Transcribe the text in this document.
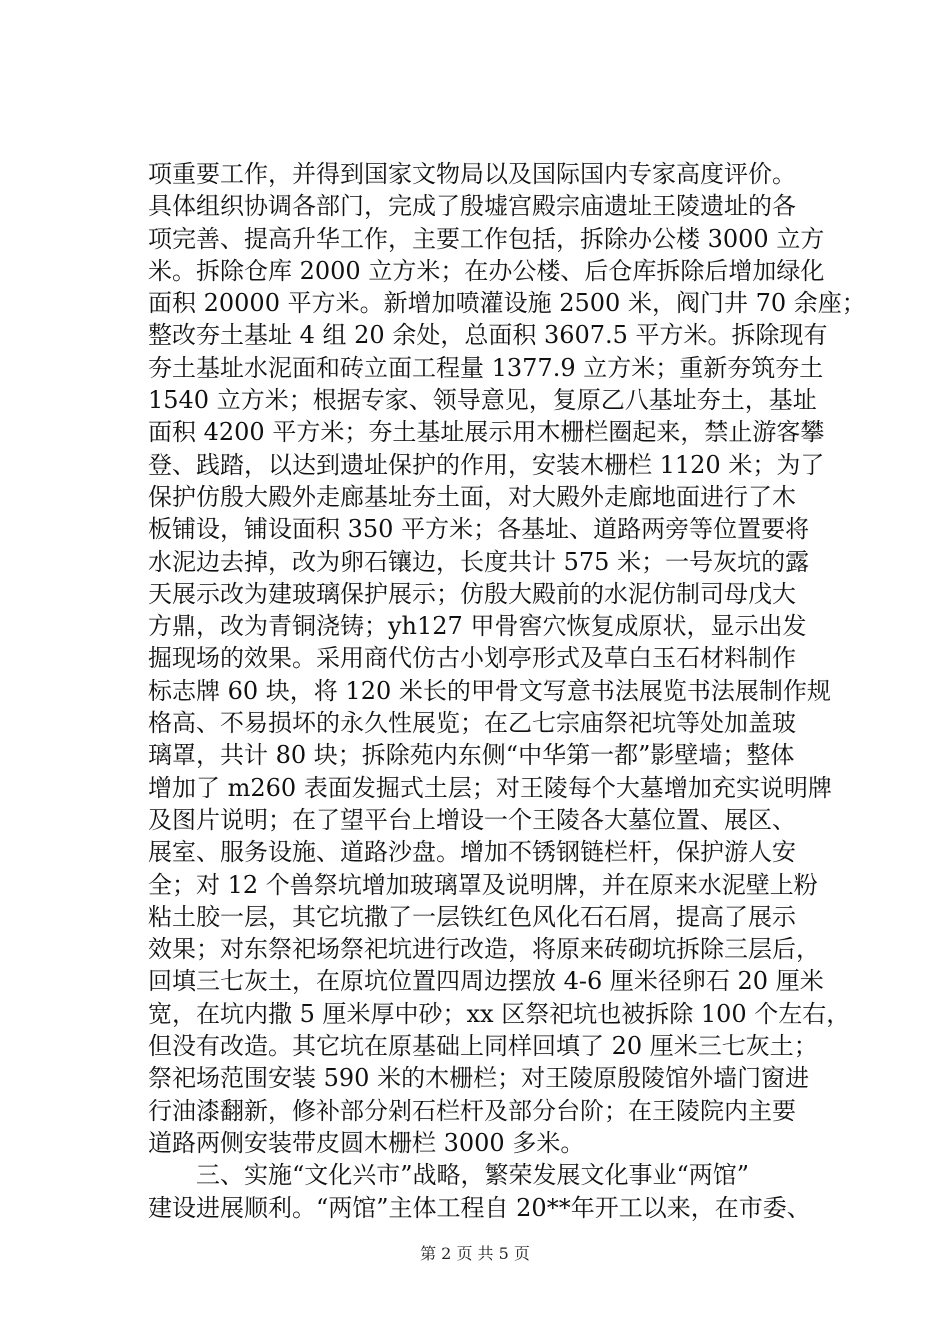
项重要工作，并得到国家文物局以及国际国内专家高度评价。
具体组织协调各部门，完成了殷墟宫殿宗庙遗址王陵遗址的各
项完善、提高升华工作，主要工作包括，拆除办公楼 3000 立方
米。拆除仓库 2000 立方米；在办公楼、后仓库拆除后增加绿化
面积 20000 平方米。新增加喷灌设施 2500 米，阀门井 70 余座；
整改夯土基址 4 组 20 余处，总面积 3607.5 平方米。拆除现有
夯土基址水泥面和砖立面工程量 1377.9 立方米；重新夯筑夯土
1540 立方米；根据专家、领导意见，复原乙八基址夯土，基址
面积 4200 平方米；夯土基址展示用木栅栏圈起来，禁止游客攀
登、践踏，以达到遗址保护的作用，安装木栅栏 1120 米；为了
保护仿殷大殿外走廊基址夯土面，对大殿外走廊地面进行了木
板铺设，铺设面积 350 平方米；各基址、道路两旁等位置要将
水泥边去掉，改为卵石镶边，长度共计 575 米；一号灰坑的露
天展示改为建玻璃保护展示；仿殷大殿前的水泥仿制司母戊大
方鼎，改为青铜浇铸；yh127 甲骨窖穴恢复成原状，显示出发
掘现场的效果。采用商代仿古小划亭形式及草白玉石材料制作
标志牌 60 块，将 120 米长的甲骨文写意书法展览书法展制作规
格高、不易损坏的永久性展览；在乙七宗庙祭祀坑等处加盖玻
璃罩，共计 80 块；拆除苑内东侧“中华第一都”影壁墙；整体
增加了 m260 表面发掘式土层；对王陵每个大墓增加充实说明牌
及图片说明；在了望平台上增设一个王陵各大墓位置、展区、
展室、服务设施、道路沙盘。增加不锈钢链栏杆，保护游人安
全；对 12 个兽祭坑增加玻璃罩及说明牌，并在原来水泥壁上粉
粘土胶一层，其它坑撒了一层铁红色风化石石屑，提高了展示
效果；对东祭祀场祭祀坑进行改造，将原来砖砌坑拆除三层后，
回填三七灰土，在原坑位置四周边摆放 4-6 厘米径卵石 20 厘米
宽，在坑内撒 5 厘米厚中砂；xx 区祭祀坑也被拆除 100 个左右，
但没有改造。其它坑在原基础上同样回填了 20 厘米三七灰土；
祭祀场范围安装 590 米的木栅栏；对王陵原殷陵馆外墙门窗进
行油漆翻新，修补部分剁石栏杆及部分台阶；在王陵院内主要
道路两侧安装带皮圆木栅栏 3000 多米。
　　三、实施“文化兴市”战略，繁荣发展文化事业“两馆”
建设进展顺利。“两馆”主体工程自 20**年开工以来，在市委、
第 2 页 共 5 页
